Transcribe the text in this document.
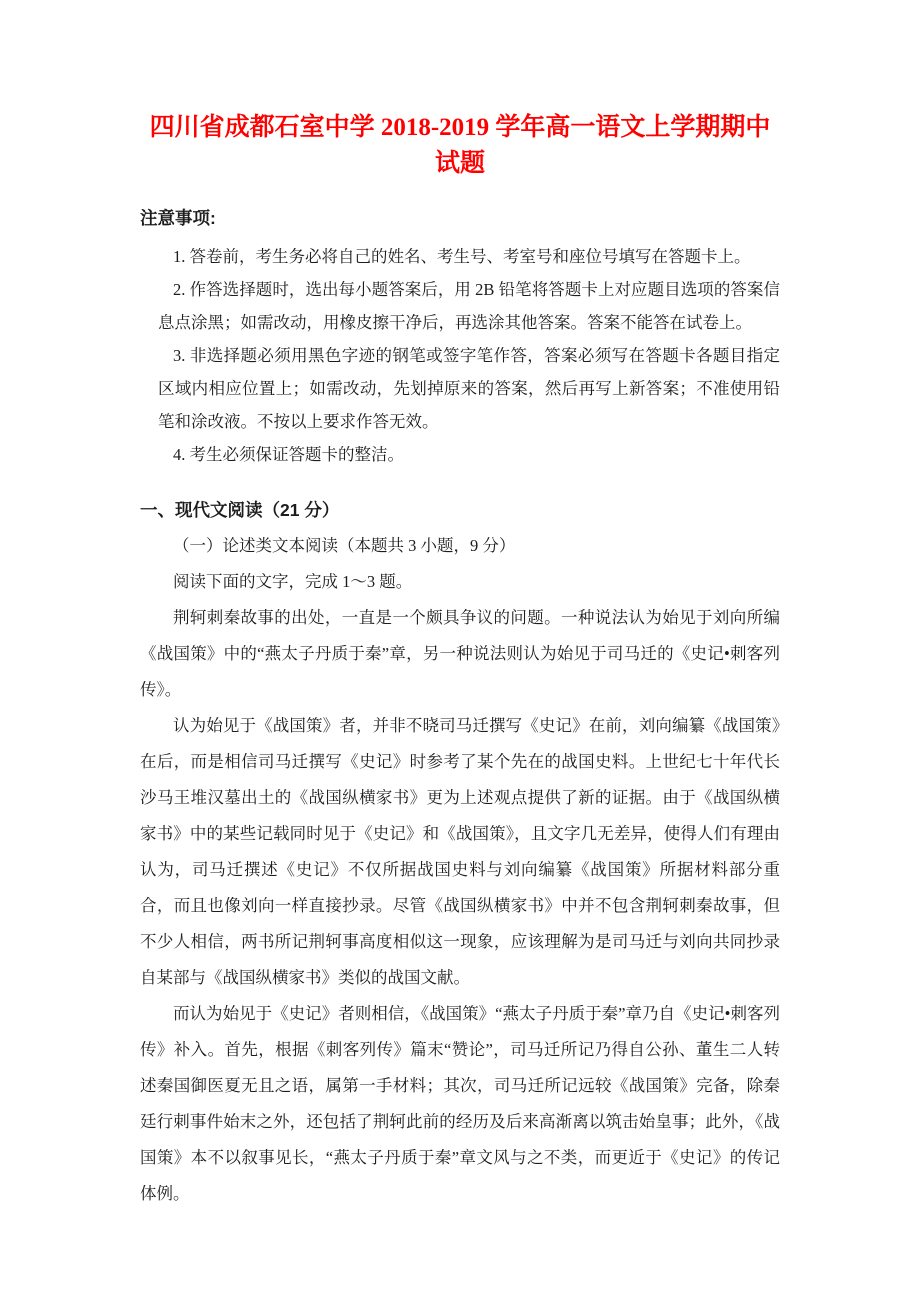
四川省成都石室中学 2018-2019 学年高一语文上学期期中试题
注意事项:
1. 答卷前，考生务必将自己的姓名、考生号、考室号和座位号填写在答题卡上。
2. 作答选择题时，选出每小题答案后，用 2B 铅笔将答题卡上对应题目选项的答案信息点涂黑；如需改动，用橡皮擦干净后，再选涂其他答案。答案不能答在试卷上。
3. 非选择题必须用黑色字迹的钢笔或签字笔作答，答案必须写在答题卡各题目指定区域内相应位置上；如需改动，先划掉原来的答案，然后再写上新答案；不准使用铅笔和涂改液。不按以上要求作答无效。
4. 考生必须保证答题卡的整洁。
一、现代文阅读（21 分）
（一）论述类文本阅读（本题共 3 小题，9 分）
阅读下面的文字，完成 1～3 题。

荆轲刺秦故事的出处，一直是一个颇具争议的问题。一种说法认为始见于刘向所编《战国策》中的“燕太子丹质于秦”章，另一种说法则认为始见于司马迁的《史记•刺客列传》。

认为始见于《战国策》者，并非不晓司马迁撰写《史记》在前，刘向编纂《战国策》在后，而是相信司马迁撰写《史记》时参考了某个先在的战国史料。上世纪七十年代长沙马王堆汉墓出土的《战国纵横家书》更为上述观点提供了新的证据。由于《战国纵横家书》中的某些记载同时见于《史记》和《战国策》，且文字几无差异，使得人们有理由认为，司马迁撰述《史记》不仅所据战国史料与刘向编纂《战国策》所据材料部分重合，而且也像刘向一样直接抄录。尽管《战国纵横家书》中并不包含荆轲刺秦故事，但不少人相信，两书所记荆轲事高度相似这一现象，应该理解为是司马迁与刘向共同抄录自某部与《战国纵横家书》类似的战国文献。

而认为始见于《史记》者则相信，《战国策》“燕太子丹质于秦”章乃自《史记•刺客列传》补入。首先，根据《刺客列传》篇末“赞论”，司马迁所记乃得自公孙、董生二人转述秦国御医夏无且之语，属第一手材料；其次，司马迁所记远较《战国策》完备，除秦廷行刺事件始末之外，还包括了荆轲此前的经历及后来高渐离以筑击始皇事；此外，《战国策》本不以叙事见长，“燕太子丹质于秦”章文风与之不类，而更近于《史记》的传记体例。
